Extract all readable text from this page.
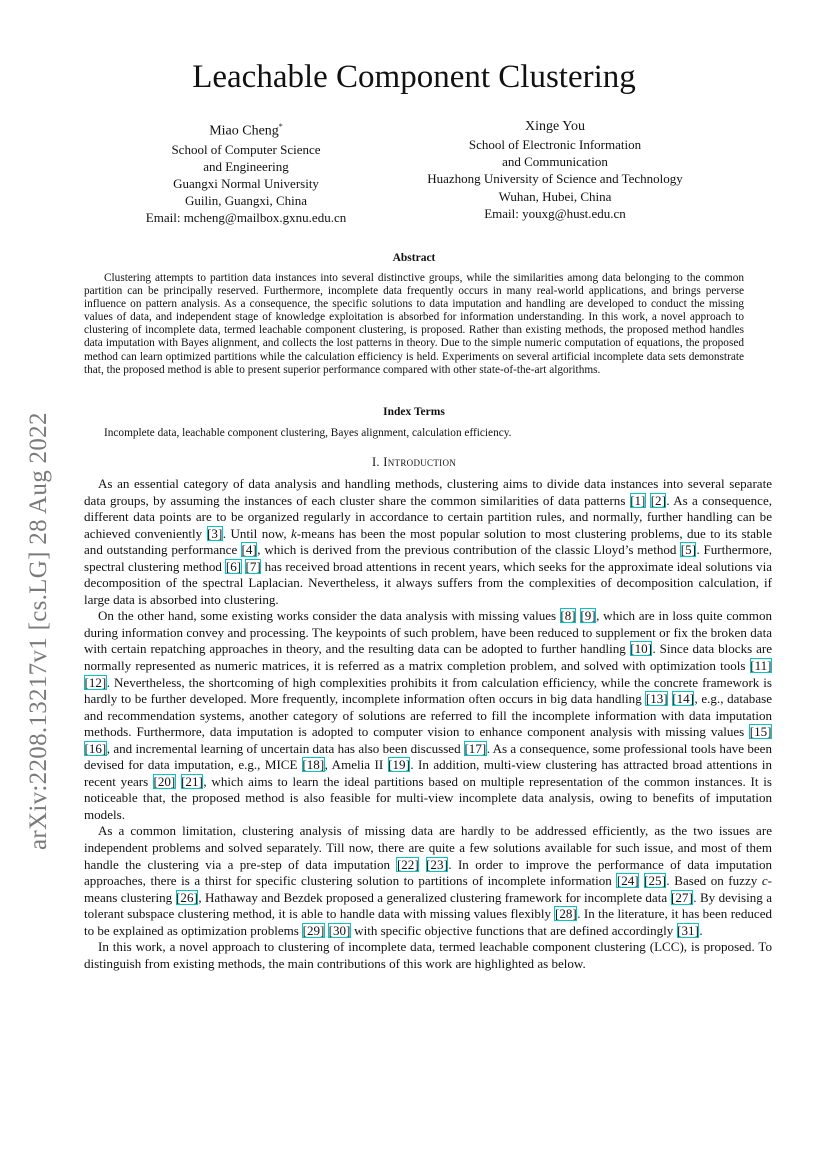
arXiv:2208.13217v1 [cs.LG] 28 Aug 2022
Leachable Component Clustering
Miao Cheng*
School of Computer Science
and Engineering
Guangxi Normal University
Guilin, Guangxi, China
Email: mcheng@mailbox.gxnu.edu.cn
Xinge You
School of Electronic Information
and Communication
Huazhong University of Science and Technology
Wuhan, Hubei, China
Email: youxg@hust.edu.cn
Abstract

Clustering attempts to partition data instances into several distinctive groups, while the similarities among data belonging to the common partition can be principally reserved. Furthermore, incomplete data frequently occurs in many real-world applications, and brings perverse influence on pattern analysis. As a consequence, the specific solutions to data imputation and handling are developed to conduct the missing values of data, and independent stage of knowledge exploitation is absorbed for information understanding. In this work, a novel approach to clustering of incomplete data, termed leachable component clustering, is proposed. Rather than existing methods, the proposed method handles data imputation with Bayes alignment, and collects the lost patterns in theory. Due to the simple numeric computation of equations, the proposed method can learn optimized partitions while the calculation efficiency is held. Experiments on several artificial incomplete data sets demonstrate that, the proposed method is able to present superior performance compared with other state-of-the-art algorithms.

Index Terms

Incomplete data, leachable component clustering, Bayes alignment, calculation efficiency.

I. Introduction

As an essential category of data analysis and handling methods, clustering aims to divide data instances into several separate data groups, by assuming the instances of each cluster share the common similarities of data patterns [1] [2]. As a consequence, different data points are to be organized regularly in accordance to certain partition rules, and normally, further handling can be achieved conveniently [3]. Until now, k-means has been the most popular solution to most clustering problems, due to its stable and outstanding performance [4], which is derived from the previous contribution of the classic Lloyd’s method [5]. Furthermore, spectral clustering method [6] [7] has received broad attentions in recent years, which seeks for the approximate ideal solutions via decomposition of the spectral Laplacian. Nevertheless, it always suffers from the complexities of decomposition calculation, if large data is absorbed into clustering.

On the other hand, some existing works consider the data analysis with missing values [8] [9], which are in loss quite common during information convey and processing. The keypoints of such problem, have been reduced to supplement or fix the broken data with certain repatching approaches in theory, and the resulting data can be adopted to further handling [10]. Since data blocks are normally represented as numeric matrices, it is referred as a matrix completion problem, and solved with optimization tools [11] [12]. Nevertheless, the shortcoming of high complexities prohibits it from calculation efficiency, while the concrete framework is hardly to be further developed. More frequently, incomplete information often occurs in big data handling [13] [14], e.g., database and recommendation systems, another category of solutions are referred to fill the incomplete information with data imputation methods. Furthermore, data imputation is adopted to computer vision to enhance component analysis with missing values [15] [16], and incremental learning of uncertain data has also been discussed [17]. As a consequence, some professional tools have been devised for data imputation, e.g., MICE [18], Amelia II [19]. In addition, multi-view clustering has attracted broad attentions in recent years [20] [21], which aims to learn the ideal partitions based on multiple representation of the common instances. It is noticeable that, the proposed method is also feasible for multi-view incomplete data analysis, owing to benefits of imputation models.

As a common limitation, clustering analysis of missing data are hardly to be addressed efficiently, as the two issues are independent problems and solved separately. Till now, there are quite a few solutions available for such issue, and most of them handle the clustering via a pre-step of data imputation [22] [23]. In order to improve the performance of data imputation approaches, there is a thirst for specific clustering solution to partitions of incomplete information [24] [25]. Based on fuzzy c-means clustering [26], Hathaway and Bezdek proposed a generalized clustering framework for incomplete data [27]. By devising a tolerant subspace clustering method, it is able to handle data with missing values flexibly [28]. In the literature, it has been reduced to be explained as optimization problems [29] [30] with specific objective functions that are defined accordingly [31].

In this work, a novel approach to clustering of incomplete data, termed leachable component clustering (LCC), is proposed. To distinguish from existing methods, the main contributions of this work are highlighted as below.
